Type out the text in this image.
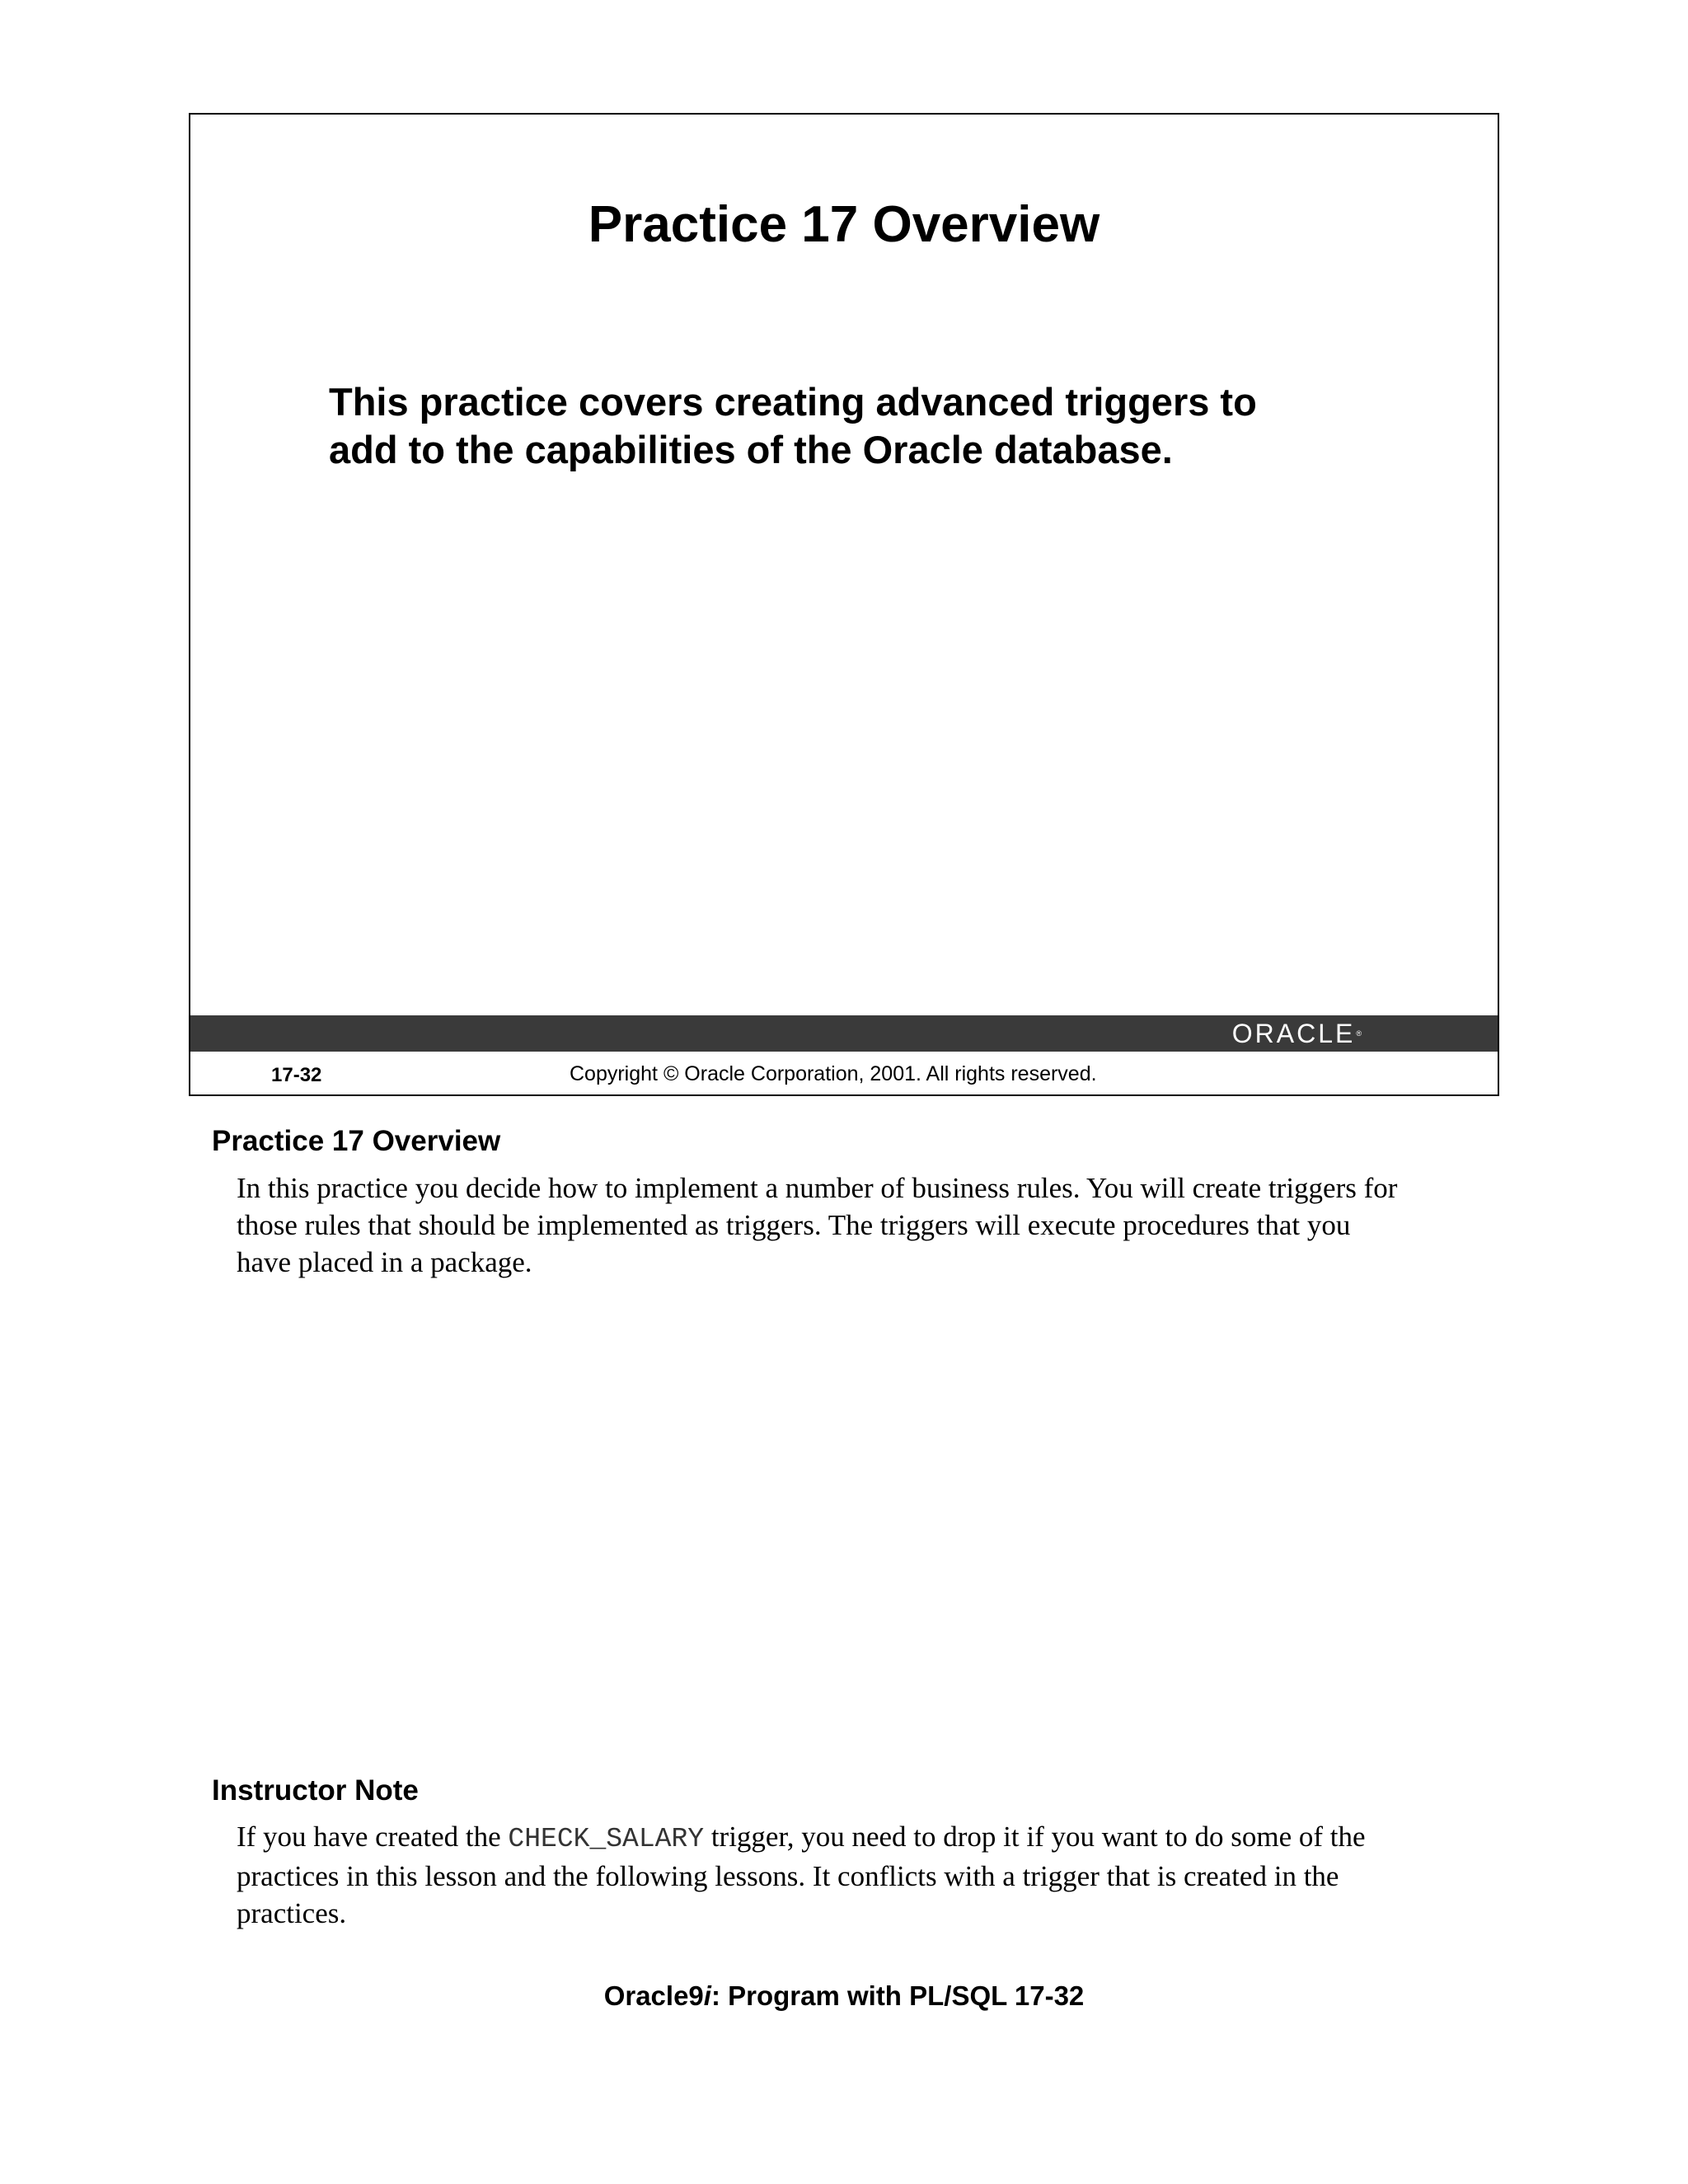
Practice 17 Overview
This practice covers creating advanced triggers to
add to the capabilities of the Oracle database.
ORACLE®
17-32	Copyright © Oracle Corporation, 2001. All rights reserved.
Practice 17 Overview
In this practice you decide how to implement a number of business rules. You will create triggers for
those rules that should be implemented as triggers. The triggers will execute procedures that you
have placed in a package.
Instructor Note
If you have created the CHECK_SALARY trigger, you need to drop it if you want to do some of the
practices in this lesson and the following lessons. It conflicts with a trigger that is created in the
practices.
Oracle9i: Program with PL/SQL 17-32
